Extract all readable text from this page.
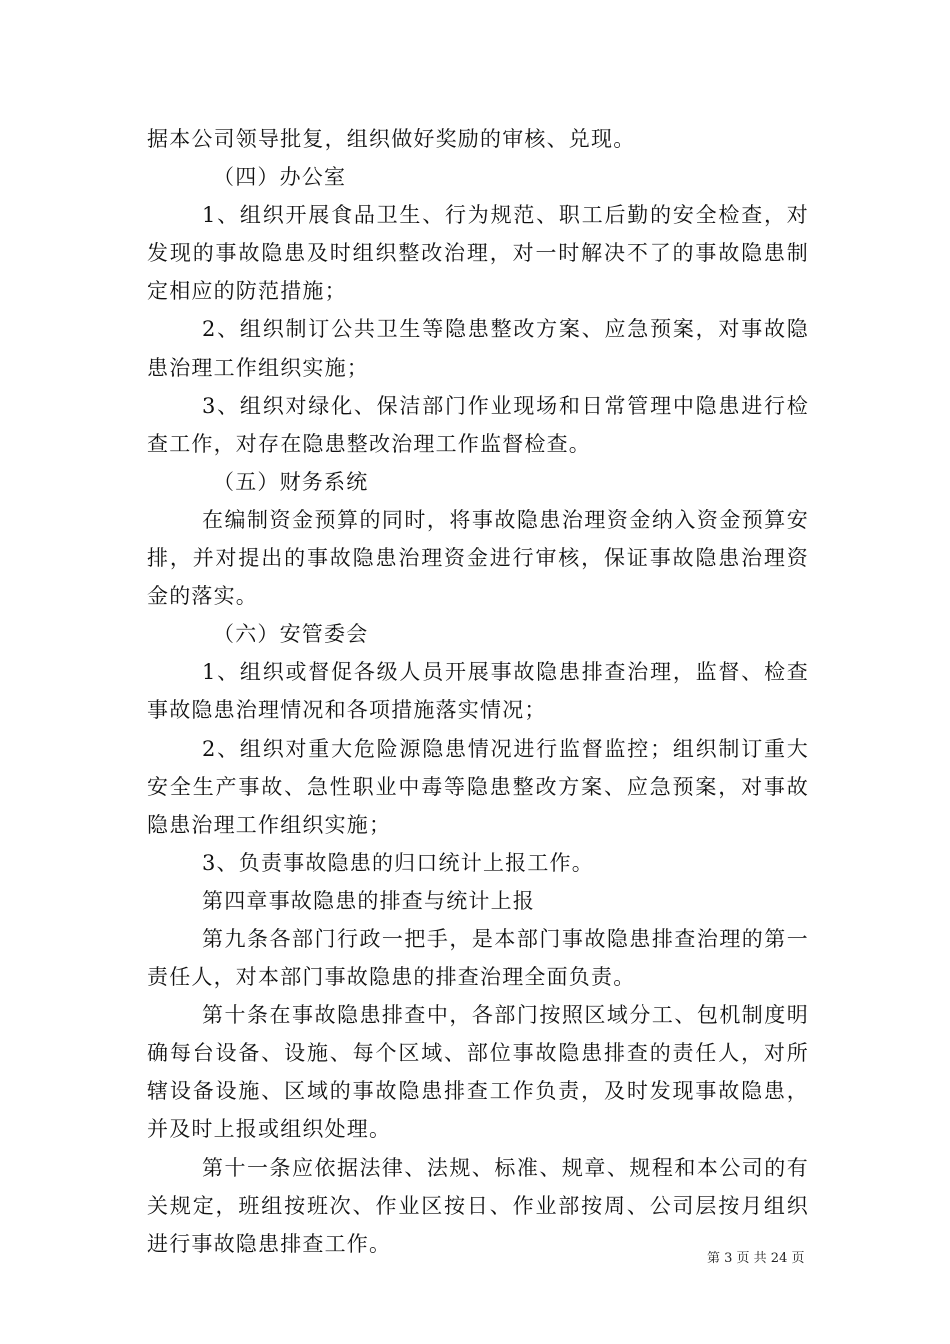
据本公司领导批复，组织做好奖励的审核、兑现。

（四）办公室

1、组织开展食品卫生、行为规范、职工后勤的安全检查，对发现的事故隐患及时组织整改治理，对一时解决不了的事故隐患制定相应的防范措施；

2、组织制订公共卫生等隐患整改方案、应急预案，对事故隐患治理工作组织实施；

3、组织对绿化、保洁部门作业现场和日常管理中隐患进行检查工作，对存在隐患整改治理工作监督检查。

（五）财务系统

在编制资金预算的同时，将事故隐患治理资金纳入资金预算安排，并对提出的事故隐患治理资金进行审核，保证事故隐患治理资金的落实。

（六）安管委会

1、组织或督促各级人员开展事故隐患排查治理，监督、检查事故隐患治理情况和各项措施落实情况；

2、组织对重大危险源隐患情况进行监督监控；组织制订重大安全生产事故、急性职业中毒等隐患整改方案、应急预案，对事故隐患治理工作组织实施；

3、负责事故隐患的归口统计上报工作。

第四章事故隐患的排查与统计上报

第九条各部门行政一把手，是本部门事故隐患排查治理的第一责任人，对本部门事故隐患的排查治理全面负责。

第十条在事故隐患排查中，各部门按照区域分工、包机制度明确每台设备、设施、每个区域、部位事故隐患排查的责任人，对所辖设备设施、区域的事故隐患排查工作负责，及时发现事故隐患，并及时上报或组织处理。

第十一条应依据法律、法规、标准、规章、规程和本公司的有关规定，班组按班次、作业区按日、作业部按周、公司层按月组织进行事故隐患排查工作。

第 3 页 共 24 页
